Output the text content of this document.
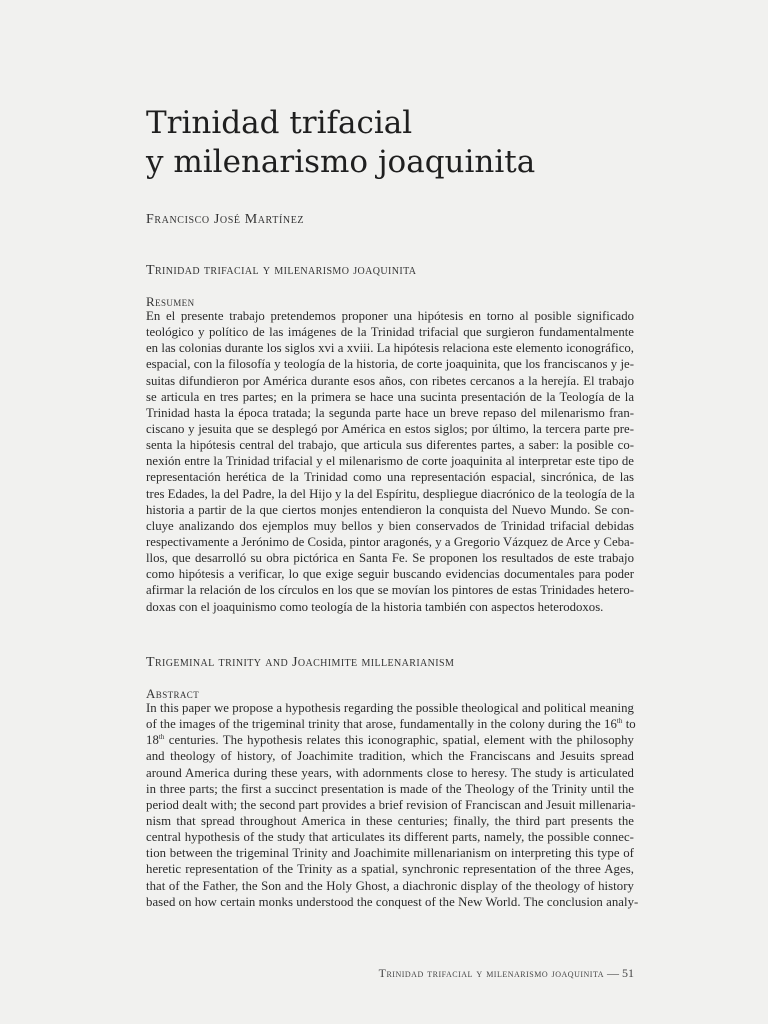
Trinidad trifacial
y milenarismo joaquinita
Francisco José Martínez
Trinidad trifacial y milenarismo joaquinita
Resumen
En el presente trabajo pretendemos proponer una hipótesis en torno al posible significado
teológico y político de las imágenes de la Trinidad trifacial que surgieron fundamentalmente
en las colonias durante los siglos xvi a xviii. La hipótesis relaciona este elemento iconográfico,
espacial, con la filosofía y teología de la historia, de corte joaquinita, que los franciscanos y je-
suitas difundieron por América durante esos años, con ribetes cercanos a la herejía. El trabajo
se articula en tres partes; en la primera se hace una sucinta presentación de la Teología de la
Trinidad hasta la época tratada; la segunda parte hace un breve repaso del milenarismo fran-
ciscano y jesuita que se desplegó por América en estos siglos; por último, la tercera parte pre-
senta la hipótesis central del trabajo, que articula sus diferentes partes, a saber: la posible co-
nexión entre la Trinidad trifacial y el milenarismo de corte joaquinita al interpretar este tipo de
representación herética de la Trinidad como una representación espacial, sincrónica, de las
tres Edades, la del Padre, la del Hijo y la del Espíritu, despliegue diacrónico de la teología de la
historia a partir de la que ciertos monjes entendieron la conquista del Nuevo Mundo. Se con-
cluye analizando dos ejemplos muy bellos y bien conservados de Trinidad trifacial debidas
respectivamente a Jerónimo de Cosida, pintor aragonés, y a Gregorio Vázquez de Arce y Ceba-
llos, que desarrolló su obra pictórica en Santa Fe. Se proponen los resultados de este trabajo
como hipótesis a verificar, lo que exige seguir buscando evidencias documentales para poder
afirmar la relación de los círculos en los que se movían los pintores de estas Trinidades hetero-
doxas con el joaquinismo como teología de la historia también con aspectos heterodoxos.
Trigeminal trinity and Joachimite millenarianism
Abstract
In this paper we propose a hypothesis regarding the possible theological and political meaning
of the images of the trigeminal trinity that arose, fundamentally in the colony during the 16th to
18th centuries. The hypothesis relates this iconographic, spatial, element with the philosophy
and theology of history, of Joachimite tradition, which the Franciscans and Jesuits spread
around America during these years, with adornments close to heresy. The study is articulated
in three parts; the first a succinct presentation is made of the Theology of the Trinity until the
period dealt with; the second part provides a brief revision of Franciscan and Jesuit millenaria-
nism that spread throughout America in these centuries; finally, the third part presents the
central hypothesis of the study that articulates its different parts, namely, the possible connec-
tion between the trigeminal Trinity and Joachimite millenarianism on interpreting this type of
heretic representation of the Trinity as a spatial, synchronic representation of the three Ages,
that of the Father, the Son and the Holy Ghost, a diachronic display of the theology of history
based on how certain monks understood the conquest of the New World. The conclusion analy-
Trinidad trifacial y milenarismo joaquinita — 51
